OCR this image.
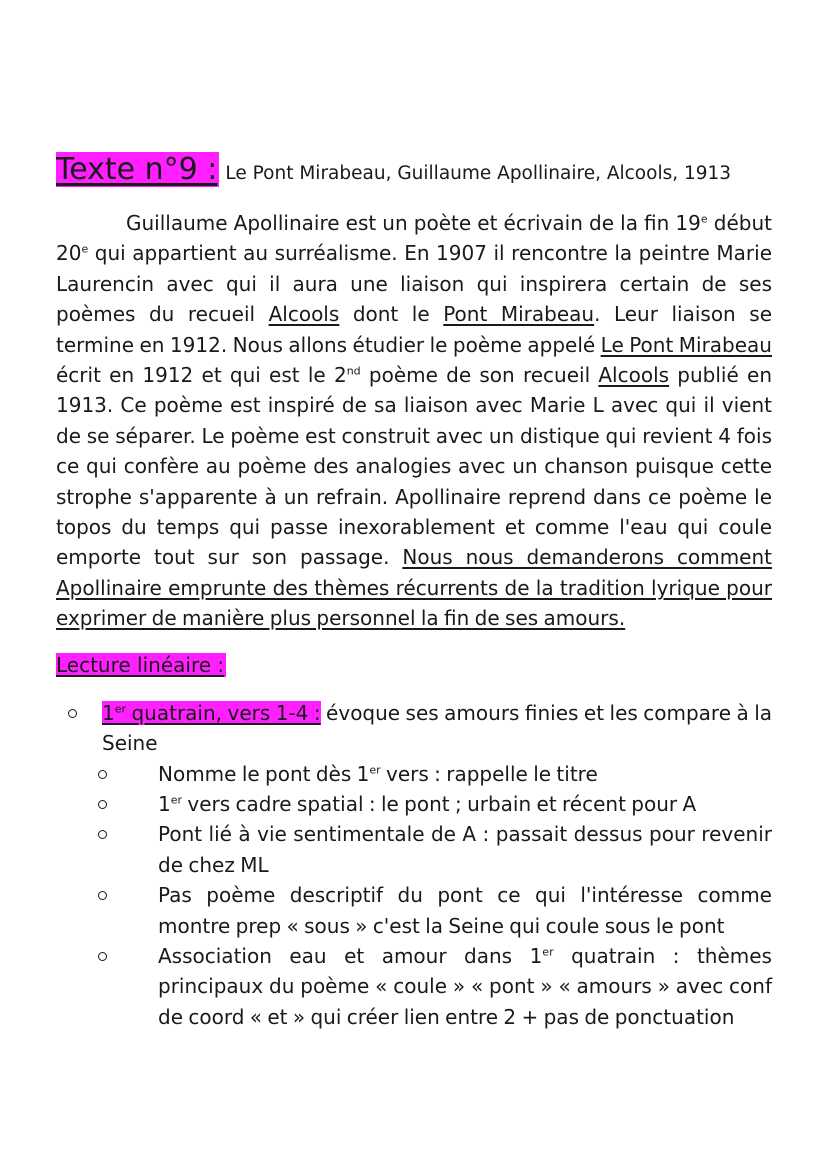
Texte n°9 : Le Pont Mirabeau, Guillaume Apollinaire, Alcools, 1913

Guillaume Apollinaire est un poète et écrivain de la fin 19e début 20e qui appartient au surréalisme. En 1907 il rencontre la peintre Marie Laurencin avec qui il aura une liaison qui inspirera certain de ses poèmes du recueil Alcools dont le Pont Mirabeau. Leur liaison se termine en 1912. Nous allons étudier le poème appelé Le Pont Mirabeau écrit en 1912 et qui est le 2nd poème de son recueil Alcools publié en 1913. Ce poème est inspiré de sa liaison avec Marie L avec qui il vient de se séparer. Le poème est construit avec un distique qui revient 4 fois ce qui confère au poème des analogies avec un chanson puisque cette strophe s'apparente à un refrain. Apollinaire reprend dans ce poème le topos du temps qui passe inexorablement et comme l'eau qui coule emporte tout sur son passage. Nous nous demanderons comment Apollinaire emprunte des thèmes récurrents de la tradition lyrique pour exprimer de manière plus personnel la fin de ses amours.

Lecture linéaire :
1er quatrain, vers 1-4 : évoque ses amours finies et les compare à la Seine
Nomme le pont dès 1er vers : rappelle le titre
1er vers cadre spatial : le pont ; urbain et récent pour A
Pont lié à vie sentimentale de A : passait dessus pour revenir de chez ML
Pas poème descriptif du pont ce qui l'intéresse comme montre prep « sous » c'est la Seine qui coule sous le pont
Association eau et amour dans 1er quatrain : thèmes principaux du poème « coule » « pont » « amours » avec conf de coord « et » qui créer lien entre 2 + pas de ponctuation
